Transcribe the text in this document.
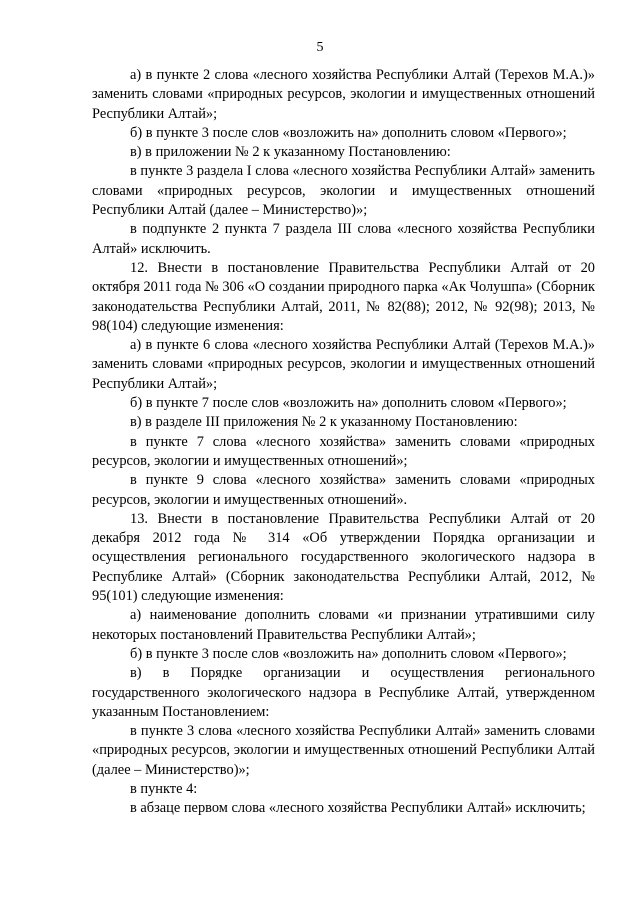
5

а) в пункте 2 слова «лесного хозяйства Республики Алтай (Терехов М.А.)» заменить словами «природных ресурсов, экологии и имущественных отношений Республики Алтай»;

б) в пункте 3 после слов «возложить на» дополнить словом «Первого»;

в) в приложении № 2 к указанному Постановлению:

в пункте 3 раздела I слова «лесного хозяйства Республики Алтай» заменить словами «природных ресурсов, экологии и имущественных отношений Республики Алтай (далее – Министерство)»;

в подпункте 2 пункта 7 раздела III слова «лесного хозяйства Республики Алтай» исключить.

12. Внести в постановление Правительства Республики Алтай от 20 октября 2011 года № 306 «О создании природного парка «Ак Чолушпа» (Сборник законодательства Республики Алтай, 2011, № 82(88); 2012, № 92(98); 2013, № 98(104) следующие изменения:

а) в пункте 6 слова «лесного хозяйства Республики Алтай (Терехов М.А.)» заменить словами «природных ресурсов, экологии и имущественных отношений Республики Алтай»;

б) в пункте 7 после слов «возложить на» дополнить словом «Первого»;

в) в разделе III приложения № 2 к указанному Постановлению:

в пункте 7 слова «лесного хозяйства» заменить словами «природных ресурсов, экологии и имущественных отношений»;

в пункте 9 слова «лесного хозяйства» заменить словами «природных ресурсов, экологии и имущественных отношений».

13. Внести в постановление Правительства Республики Алтай от 20 декабря 2012 года № 314 «Об утверждении Порядка организации и осуществления регионального государственного экологического надзора в Республике Алтай» (Сборник законодательства Республики Алтай, 2012, № 95(101) следующие изменения:

а) наименование дополнить словами «и признании утратившими силу некоторых постановлений Правительства Республики Алтай»;

б) в пункте 3 после слов «возложить на» дополнить словом «Первого»;

в) в Порядке организации и осуществления регионального государственного экологического надзора в Республике Алтай, утвержденном указанным Постановлением:

в пункте 3 слова «лесного хозяйства Республики Алтай» заменить словами «природных ресурсов, экологии и имущественных отношений Республики Алтай (далее – Министерство)»;

в пункте 4:

в абзаце первом слова «лесного хозяйства Республики Алтай» исключить;
